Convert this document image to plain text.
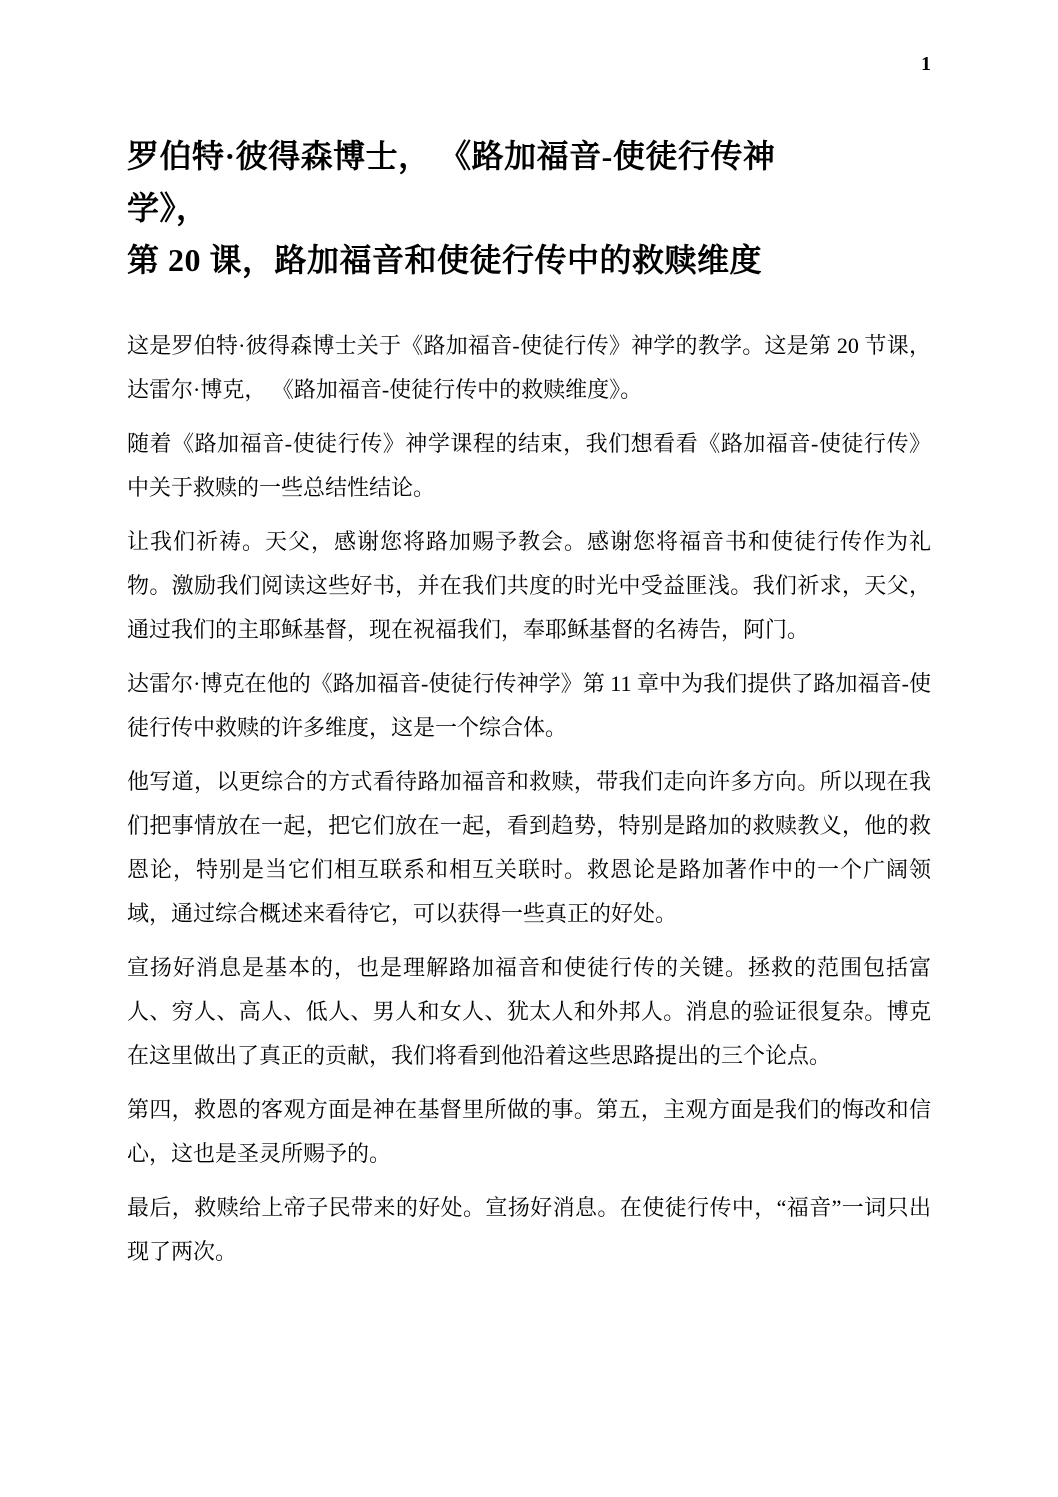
1
罗伯特·彼得森博士， 《路加福音-使徒行传神
学》，
第 20 课，路加福音和使徒行传中的救赎维度

这是罗伯特·彼得森博士关于《路加福音-使徒行传》神学的教学。这是第 20 节课，达雷尔·博克， 《路加福音-使徒行传中的救赎维度》。

随着《路加福音-使徒行传》神学课程的结束，我们想看看《路加福音-使徒行传》中关于救赎的一些总结性结论。

让我们祈祷。天父，感谢您将路加赐予教会。感谢您将福音书和使徒行传作为礼物。激励我们阅读这些好书，并在我们共度的时光中受益匪浅。我们祈求，天父，通过我们的主耶稣基督，现在祝福我们，奉耶稣基督的名祷告，阿门。

达雷尔·博克在他的《路加福音-使徒行传神学》第 11 章中为我们提供了路加福音-使徒行传中救赎的许多维度，这是一个综合体。

他写道，以更综合的方式看待路加福音和救赎，带我们走向许多方向。所以现在我们把事情放在一起，把它们放在一起，看到趋势，特别是路加的救赎教义，他的救恩论，特别是当它们相互联系和相互关联时。救恩论是路加著作中的一个广阔领域，通过综合概述来看待它，可以获得一些真正的好处。

宣扬好消息是基本的，也是理解路加福音和使徒行传的关键。拯救的范围包括富人、穷人、高人、低人、男人和女人、犹太人和外邦人。消息的验证很复杂。博克在这里做出了真正的贡献，我们将看到他沿着这些思路提出的三个论点。

第四，救恩的客观方面是神在基督里所做的事。第五，主观方面是我们的悔改和信心，这也是圣灵所赐予的。

最后，救赎给上帝子民带来的好处。宣扬好消息。在使徒行传中，“福音”一词只出现了两次。
